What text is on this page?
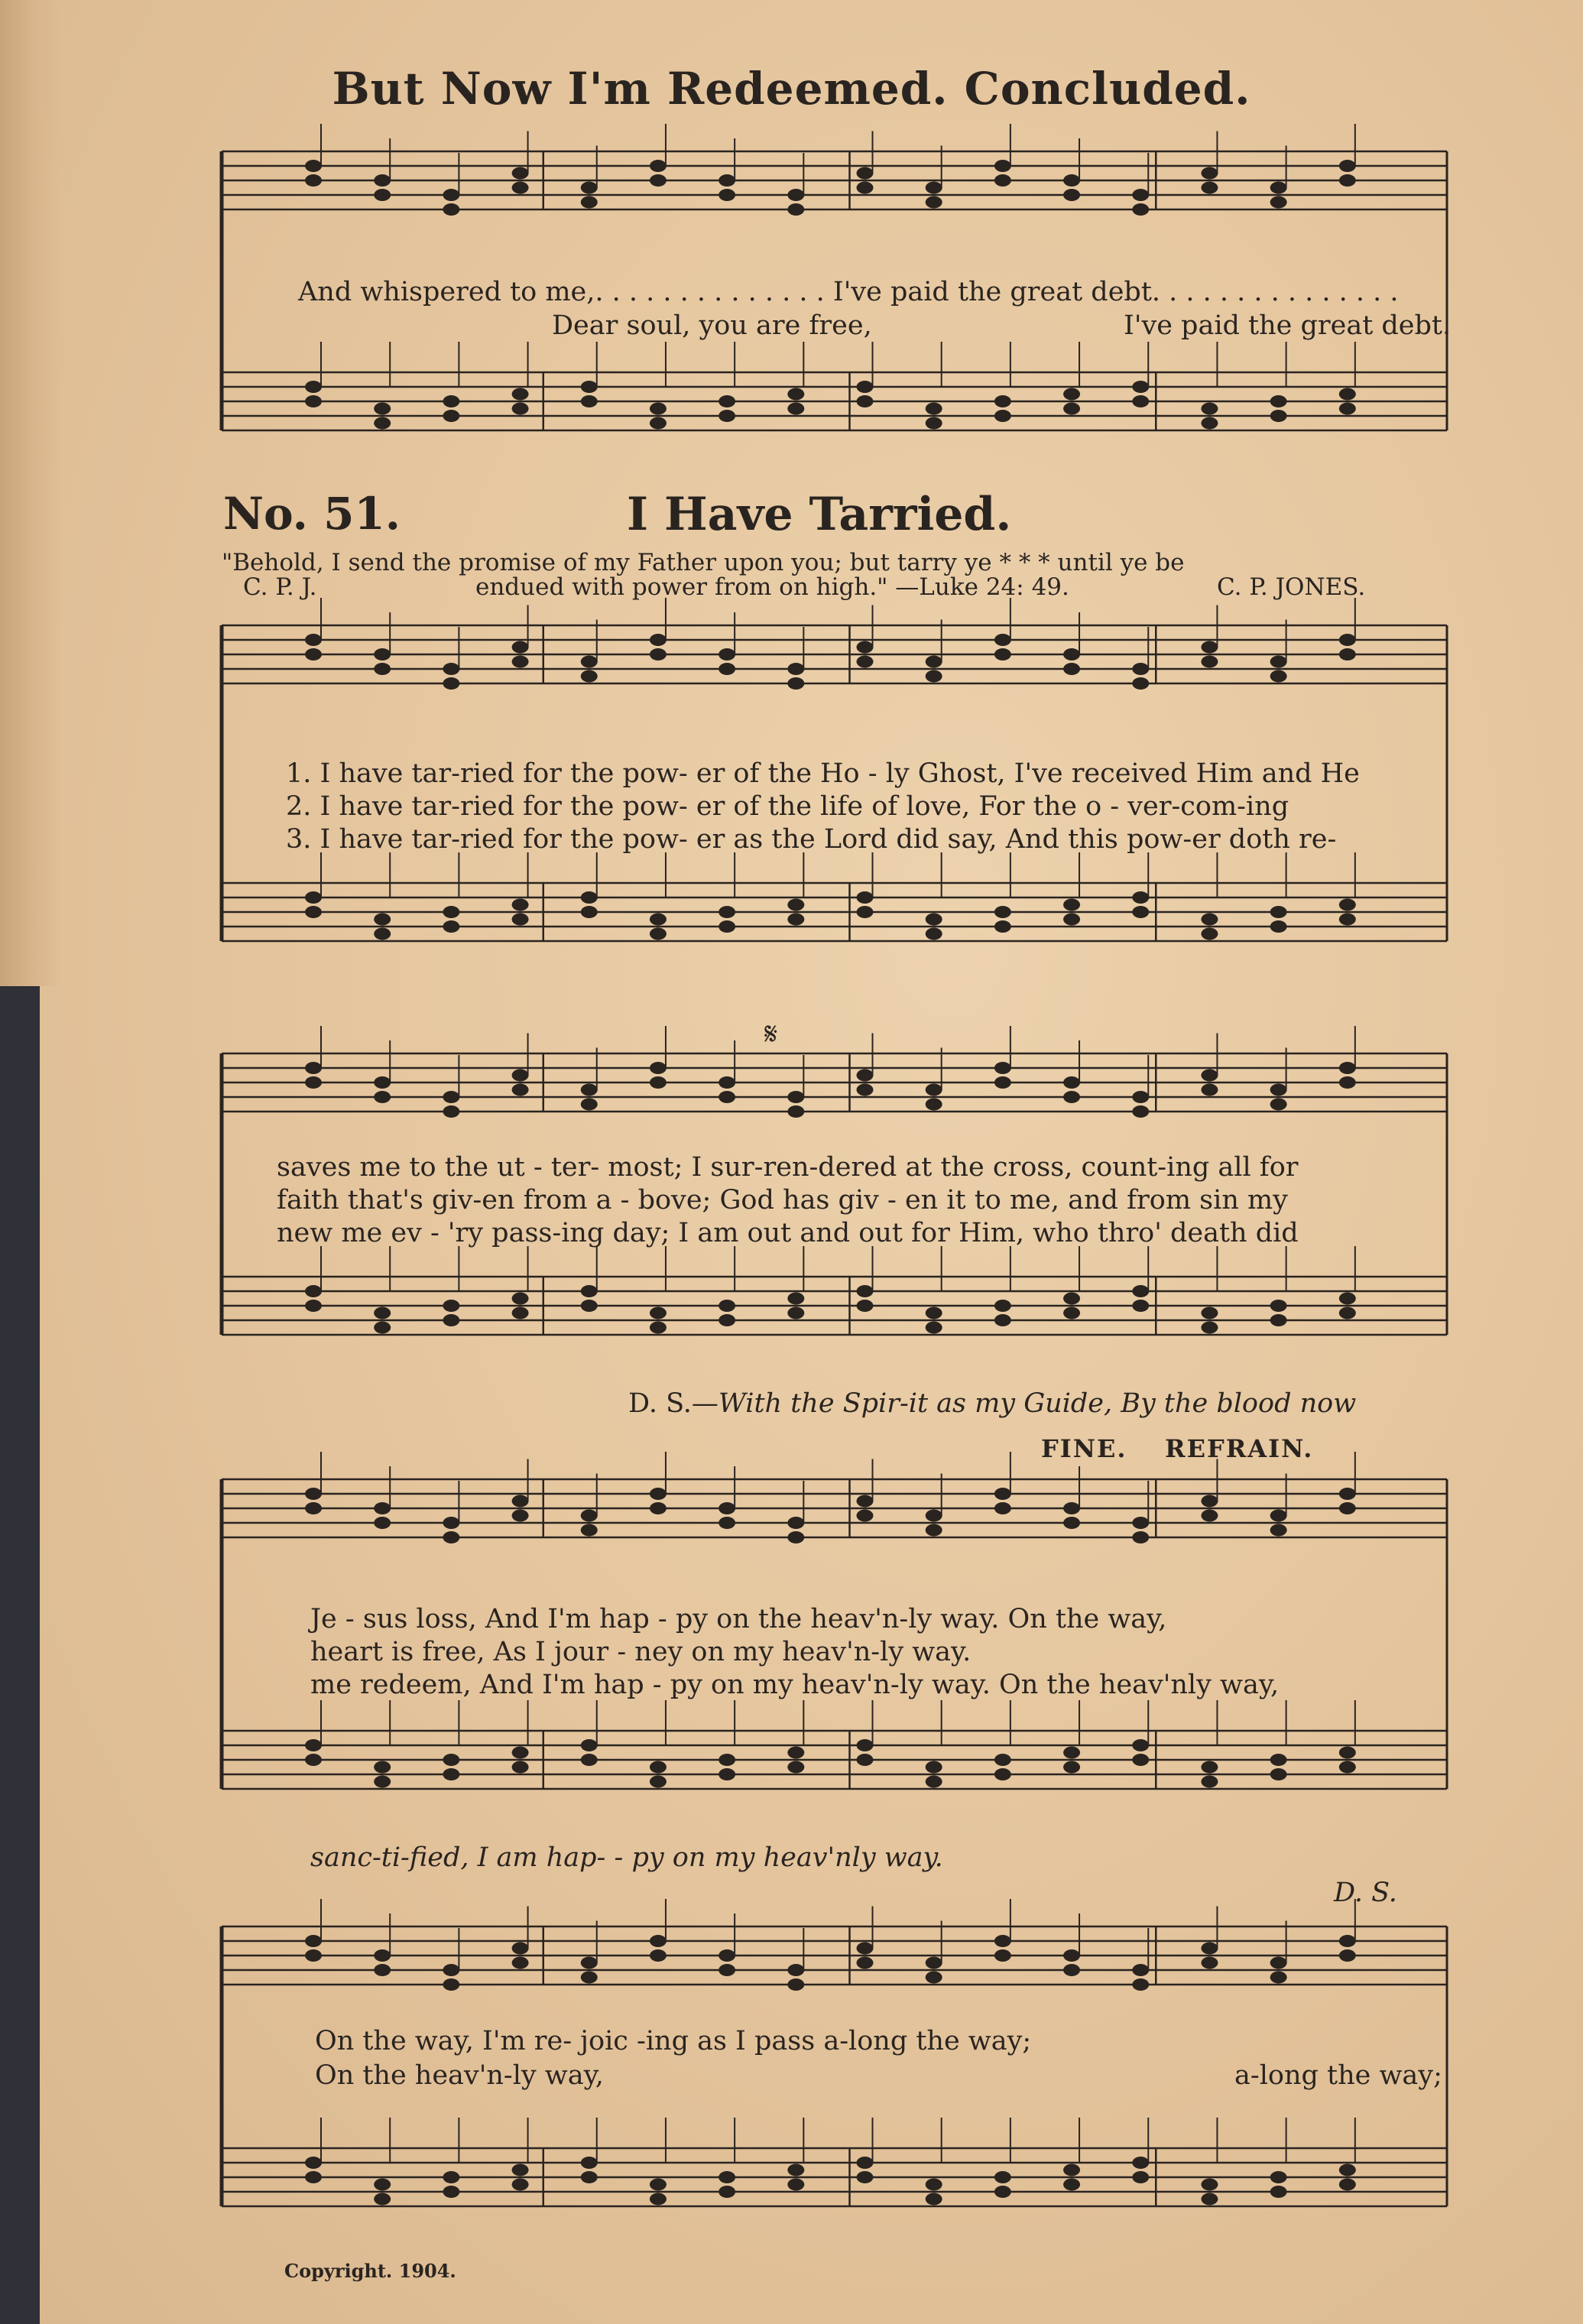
But Now I'm Redeemed. Concluded.
And whispered to me,. . . . . . . . . . . . . . I've paid the great debt. . . . . . . . . . . . . . .
Dear soul, you are free,	I've paid the great debt.
No. 51.	I Have Tarried.
"Behold, I send the promise of my Father upon you; but tarry ye * * * until ye be
C. P. J.	endued with power from on high." —Luke 24: 49.	C. P. JONES.
1. I have tar-ried for the pow- er of the Ho - ly Ghost, I've received Him and He
2. I have tar-ried for the pow- er of the life of love, For the o - ver-com-ing
3. I have tar-ried for the pow- er as the Lord did say, And this pow-er doth re-
𝄋
saves me to the ut - ter- most; I sur-ren-dered at the cross, count-ing all for
faith that's giv-en from a - bove; God has giv - en it to me, and from sin my
new me ev - 'ry pass-ing day; I am out and out for Him, who thro' death did
D. S.—With the Spir-it as my Guide, By the blood now
FINE. REFRAIN.
Je - sus loss, And I'm hap - py on the heav'n-ly way. On the way,
heart is free, As I jour - ney on my heav'n-ly way.
me redeem, And I'm hap - py on my heav'n-ly way. On the heav'nly way,
sanc-ti-fied, I am hap- - py on my heav'nly way.
D. S.
On the way, I'm re- joic -ing as I pass a-long the way;
On the heav'n-ly way,	a-long the way;
Copyright. 1904.
